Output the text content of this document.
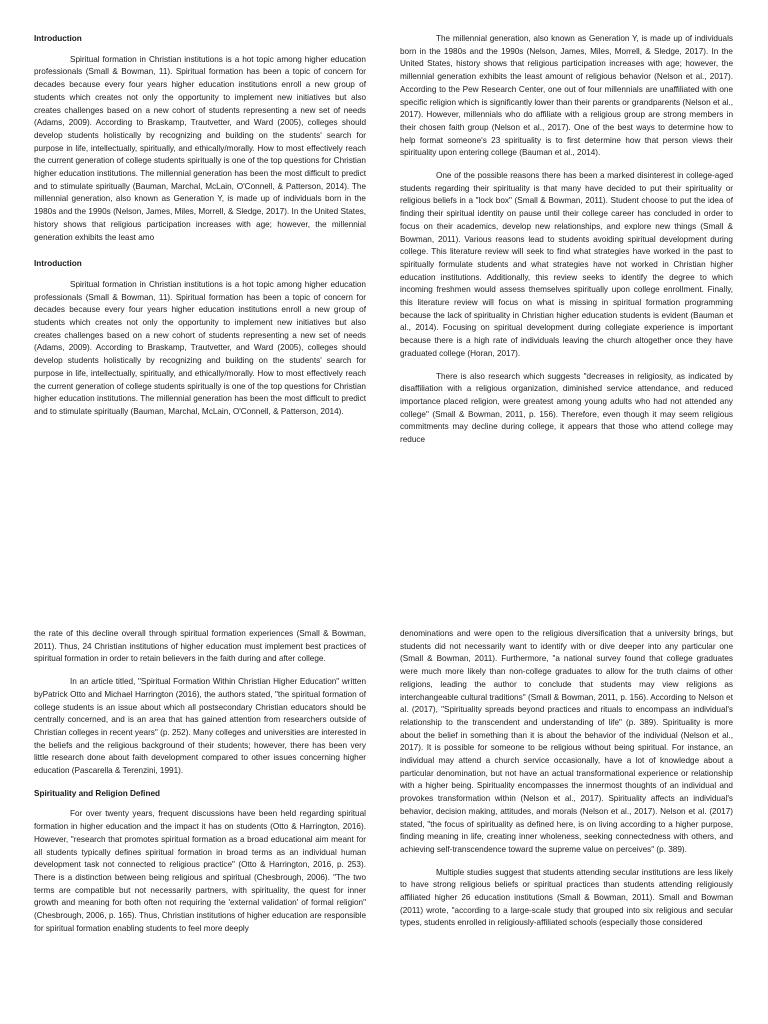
Introduction

Spiritual formation in Christian institutions is a hot topic among higher education professionals (Small & Bowman, 11). Spiritual formation has been a topic of concern for decades because every four years higher education institutions enroll a new group of students which creates not only the opportunity to implement new initiatives but also creates challenges based on a new cohort of students representing a new set of needs (Adams, 2009). According to Braskamp, Trautvetter, and Ward (2005), colleges should develop students holistically by recognizing and building on the students' search for purpose in life, intellectually, spiritually, and ethically/morally. How to most effectively reach the current generation of college students spiritually is one of the top questions for Christian higher education institutions. The millennial generation has been the most difficult to predict and to stimulate spiritually (Bauman, Marchal, McLain, O'Connell, & Patterson, 2014). The millennial generation, also known as Generation Y, is made up of individuals born in the 1980s and the 1990s (Nelson, James, Miles, Morrell, & Sledge, 2017). In the United States, history shows that religious participation increases with age; however, the millennial generation exhibits the least amo

Introduction

Spiritual formation in Christian institutions is a hot topic among higher education professionals (Small & Bowman, 11). Spiritual formation has been a topic of concern for decades because every four years higher education institutions enroll a new group of students which creates not only the opportunity to implement new initiatives but also creates challenges based on a new cohort of students representing a new set of needs (Adams, 2009). According to Braskamp, Trautvetter, and Ward (2005), colleges should develop students holistically by recognizing and building on the students' search for purpose in life, intellectually, spiritually, and ethically/morally. How to most effectively reach the current generation of college students spiritually is one of the top questions for Christian higher education institutions. The millennial generation has been the most difficult to predict and to stimulate spiritually (Bauman, Marchal, McLain, O'Connell, & Patterson, 2014).

The millennial generation, also known as Generation Y, is made up of individuals born in the 1980s and the 1990s (Nelson, James, Miles, Morrell, & Sledge, 2017). In the United States, history shows that religious participation increases with age; however, the millennial generation exhibits the least amount of religious behavior (Nelson et al., 2017). According to the Pew Research Center, one out of four millennials are unaffiliated with one specific religion which is significantly lower than their parents or grandparents (Nelson et al., 2017). However, millennials who do affiliate with a religious group are strong members in their chosen faith group (Nelson et al., 2017). One of the best ways to determine how to help format someone's 23 spirituality is to first determine how that person views their spirituality upon entering college (Bauman et al., 2014).

One of the possible reasons there has been a marked disinterest in college-aged students regarding their spirituality is that many have decided to put their spirituality or religious beliefs in a "lock box" (Small & Bowman, 2011). Student choose to put the idea of finding their spiritual identity on pause until their college career has concluded in order to focus on their academics, develop new relationships, and explore new things (Small & Bowman, 2011). Various reasons lead to students avoiding spiritual development during college. This literature review will seek to find what strategies have worked in the past to spiritually formulate students and what strategies have not worked in Christian higher education institutions. Additionally, this review seeks to identify the degree to which incoming freshmen would assess themselves spiritually upon college enrollment. Finally, this literature review will focus on what is missing in spiritual formation programming because the lack of spirituality in Christian higher education students is evident (Bauman et al., 2014). Focusing on spiritual development during collegiate experience is important because there is a high rate of individuals leaving the church altogether once they have graduated college (Horan, 2017).

There is also research which suggests "decreases in religiosity, as indicated by disaffiliation with a religious organization, diminished service attendance, and reduced importance placed religion, were greatest among young adults who had not attended any college" (Small & Bowman, 2011, p. 156). Therefore, even though it may seem religious commitments may decline during college, it appears that those who attend college may reduce

the rate of this decline overall through spiritual formation experiences (Small & Bowman, 2011). Thus, 24 Christian institutions of higher education must implement best practices of spiritual formation in order to retain believers in the faith during and after college.

In an article titled, "Spiritual Formation Within Christian Higher Education" written byPatrick Otto and Michael Harrington (2016), the authors stated, "the spiritual formation of college students is an issue about which all postsecondary Christian educators should be centrally concerned, and is an area that has gained attention from researchers outside of Christian colleges in recent years" (p. 252). Many colleges and universities are interested in the beliefs and the religious background of their students; however, there has been very little research done about faith development compared to other issues concerning higher education (Pascarella & Terenzini, 1991).

Spirituality and Religion Defined

For over twenty years, frequent discussions have been held regarding spiritual formation in higher education and the impact it has on students (Otto & Harrington, 2016). However, "research that promotes spiritual formation as a broad educational aim meant for all students typically defines spiritual formation in broad terms as an individual human development task not connected to religious practice" (Otto & Harrington, 2016, p. 253). There is a distinction between being religious and spiritual (Chesbrough, 2006). "The two terms are compatible but not necessarily partners, with spirituality, the quest for inner growth and meaning for both often not requiring the 'external validation' of formal religion" (Chesbrough, 2006, p. 165). Thus, Christian institutions of higher education are responsible for spiritual formation enabling students to feel more deeply

denominations and were open to the religious diversification that a university brings, but students did not necessarily want to identify with or dive deeper into any particular one (Small & Bowman, 2011). Furthermore, "a national survey found that college graduates were much more likely than non-college graduates to allow for the truth claims of other religions, leading the author to conclude that students may view religions as interchangeable cultural traditions" (Small & Bowman, 2011, p. 156). According to Nelson et al. (2017), "Spirituality spreads beyond practices and rituals to encompass an individual's relationship to the transcendent and understanding of life" (p. 389). Spirituality is more about the belief in something than it is about the behavior of the individual (Nelson et al., 2017). It is possible for someone to be religious without being spiritual. For instance, an individual may attend a church service occasionally, have a lot of knowledge about a particular denomination, but not have an actual transformational experience or relationship with a higher being. Spirituality encompasses the innermost thoughts of an individual and provokes transformation within (Nelson et al., 2017). Spirituality affects an individual's behavior, decision making, attitudes, and morals (Nelson et al., 2017). Nelson et al. (2017) stated, "the focus of spirituality as defined here, is on living according to a higher purpose, finding meaning in life, creating inner wholeness, seeking connectedness with others, and achieving self-transcendence toward the supreme value on perceives" (p. 389).

Multiple studies suggest that students attending secular institutions are less likely to have strong religious beliefs or spiritual practices than students attending religiously affiliated higher 26 education institutions (Small & Bowman, 2011). Small and Bowman (2011) wrote, "according to a large-scale study that grouped into six religious and secular types, students enrolled in religiously-affiliated schools (especially those considered
